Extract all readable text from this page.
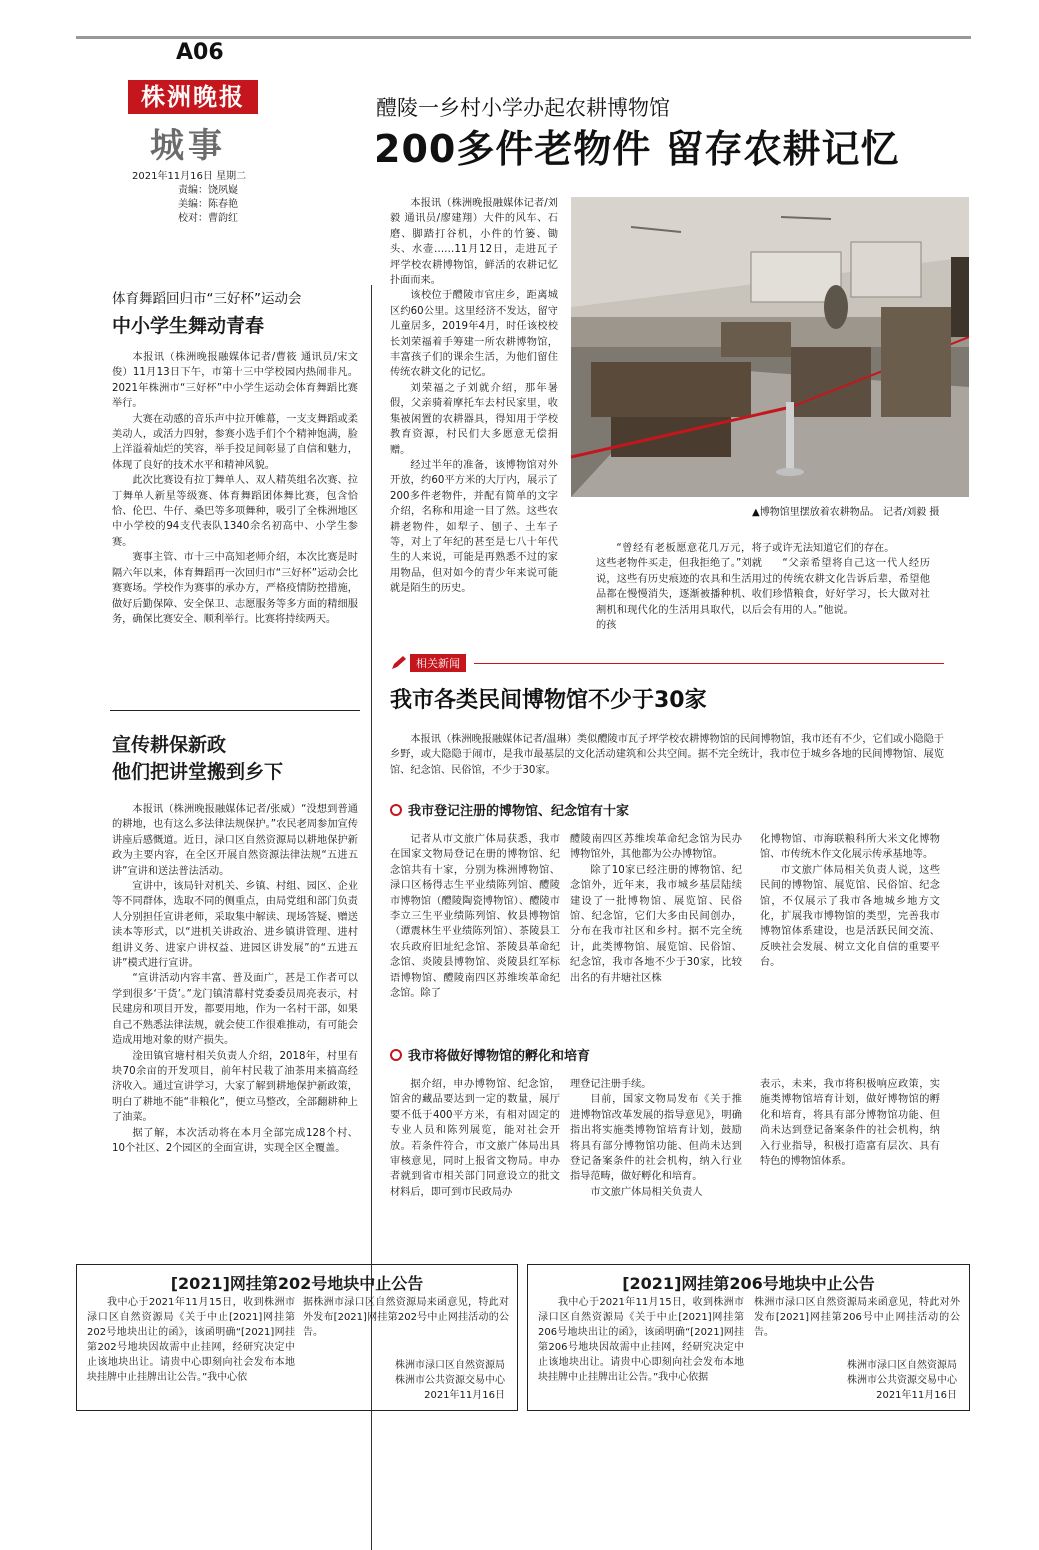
A06
株洲晚报
城事
2021年11月16日 星期二
责编：饶夙嶷
美编：陈春艳
校对：曹韵红
醴陵一乡村小学办起农耕博物馆
200多件老物件 留存农耕记忆

本报讯（株洲晚报融媒体记者/刘毅 通讯员/廖建翔）大件的风车、石磨、脚踏打谷机，小件的竹篓、锄头、水壶……11月12日，走进瓦子坪学校农耕博物馆，鲜活的农耕记忆扑面而来。

该校位于醴陵市官庄乡，距离城区约60公里。这里经济不发达，留守儿童居多，2019年4月，时任该校校长刘荣福着手筹建一所农耕博物馆，丰富孩子们的课余生活，为他们留住传统农耕文化的记忆。

刘荣福之子刘就介绍，那年暑假，父亲骑着摩托车去村民家里，收集被闲置的农耕器具，得知用于学校教育资源，村民们大多愿意无偿捐赠。

经过半年的准备，该博物馆对外开放，约60平方米的大厅内，展示了200多件老物件，并配有简单的文字介绍，名称和用途一目了然。这些农耕老物件，如犁子、刨子、土车子等，对上了年纪的甚至是七八十年代生的人来说，可能是再熟悉不过的家用物品，但对如今的青少年来说可能就是陌生的历史。

▲博物馆里摆放着农耕物品。 记者/刘毅 摄

“曾经有老板愿意花几万元，将这些老物件买走，但我拒绝了。”刘就说，这些有历史痕迹的农具和生活用品都在慢慢消失，逐渐被播种机、收割机和现代化的生活用具取代，以后的孩

子或许无法知道它们的存在。

“父亲希望将自己这一代人经历过的传统农耕文化告诉后辈，希望他们珍惜粮食，好好学习，长大做对社会有用的人。”他说。

体育舞蹈回归市“三好杯”运动会
中小学生舞动青春

本报讯（株洲晚报融媒体记者/曹筱 通讯员/宋文俊）11月13日下午，市第十三中学校园内热闹非凡。2021年株洲市“三好杯”中小学生运动会体育舞蹈比赛举行。

大赛在动感的音乐声中拉开帷幕，一支支舞蹈或柔美动人，或活力四射，参赛小选手们个个精神饱满，脸上洋溢着灿烂的笑容，举手投足间彰显了自信和魅力，体现了良好的技术水平和精神风貌。

此次比赛设有拉丁舞单人、双人精英组名次赛、拉丁舞单人新星等级赛、体育舞蹈团体舞比赛，包含恰恰、伦巴、牛仔、桑巴等多项舞种，吸引了全株洲地区中小学校的94支代表队1340余名初高中、小学生参赛。

赛事主管、市十三中高知老师介绍，本次比赛是时隔六年以来，体育舞蹈再一次回归市“三好杯”运动会比赛赛场。学校作为赛事的承办方，严格疫情防控措施，做好后勤保障、安全保卫、志愿服务等多方面的精细服务，确保比赛安全、顺利举行。比赛将持续两天。

宣传耕保新政
他们把讲堂搬到乡下

本报讯（株洲晚报融媒体记者/张威）“没想到普通的耕地，也有这么多法律法规保护。”农民老周参加宣传讲座后感慨道。近日，渌口区自然资源局以耕地保护新政为主要内容，在全区开展自然资源法律法规“五进五讲”宣讲和送法普法活动。

宣讲中，该局针对机关、乡镇、村组、园区、企业等不同群体，选取不同的侧重点，由局党组和部门负责人分别担任宣讲老师，采取集中解读、现场答疑、赠送读本等形式，以“进机关讲政治、进乡镇讲管理、进村组讲义务、进家户讲权益、进园区讲发展”的“五进五讲”模式进行宣讲。

“宣讲活动内容丰富、普及面广，甚是工作者可以学到很多‘干货’。”龙门镇清幕村党委委员周亮表示，村民建房和项目开发，都要用地，作为一名村干部，如果自己不熟悉法律法规，就会使工作很难推动，有可能会造成用地对象的财产损失。

淦田镇官塘村相关负责人介绍，2018年，村里有块70余亩的开发项目，前年村民栽了油茶用来搞高经济收入。通过宣讲学习，大家了解到耕地保护新政策，明白了耕地不能“非粮化”，便立马整改，全部翻耕种上了油菜。

据了解，本次活动将在本月全部完成128个村、10个社区、2个园区的全面宣讲，实现全区全覆盖。

相关新闻
我市各类民间博物馆不少于30家

本报讯（株洲晚报融媒体记者/温琳）类似醴陵市瓦子坪学校农耕博物馆的民间博物馆，我市还有不少，它们或小隐隐于乡野，或大隐隐于闹市，是我市最基层的文化活动建筑和公共空间。据不完全统计，我市位于城乡各地的民间博物馆、展览馆、纪念馆、民俗馆，不少于30家。

我市登记注册的博物馆、纪念馆有十家

记者从市文旅广体局获悉，我市在国家文物局登记在册的博物馆、纪念馆共有十家，分别为株洲博物馆、渌口区杨得志生平业绩陈列馆、醴陵市博物馆（醴陵陶瓷博物馆）、醴陵市李立三生平业绩陈列馆、攸县博物馆（谭震林生平业绩陈列馆）、茶陵县工农兵政府旧址纪念馆、茶陵县革命纪念馆、炎陵县博物馆、炎陵县红军标语博物馆、醴陵南四区苏维埃革命纪念馆。除了

醴陵南四区苏维埃革命纪念馆为民办博物馆外，其他都为公办博物馆。

除了10家已经注册的博物馆、纪念馆外，近年来，我市城乡基层陆续建设了一批博物馆、展览馆、民俗馆、纪念馆，它们大多由民间创办，分布在我市社区和乡村。据不完全统计，此类博物馆、展览馆、民俗馆、纪念馆，我市各地不少于30家，比较出名的有井塘社区株

化博物馆、市海联粮科所大米文化博物馆、市传统木作文化展示传承基地等。

市文旅广体局相关负责人说，这些民间的博物馆、展览馆、民俗馆、纪念馆，不仅展示了我市各地城乡地方文化，扩展我市博物馆的类型，完善我市博物馆体系建设，也是活跃民间交流、反映社会发展、树立文化自信的重要平台。

我市将做好博物馆的孵化和培育

据介绍，申办博物馆、纪念馆，馆舍的藏品要达到一定的数量，展厅要不低于400平方米，有相对固定的专业人员和陈列展览，能对社会开放。若条件符合，市文旅广体局出具审核意见，同时上报省文物局。申办者就到省市相关部门同意设立的批文材料后，即可到市民政局办

理登记注册手续。

目前，国家文物局发布《关于推进博物馆改革发展的指导意见》，明确指出将实施类博物馆培育计划，鼓励将具有部分博物馆功能、但尚未达到登记备案条件的社会机构，纳入行业指导范畴，做好孵化和培育。

市文旅广体局相关负责人

表示，未来，我市将积极响应政策，实施类博物馆培育计划，做好博物馆的孵化和培育，将具有部分博物馆功能、但尚未达到登记备案条件的社会机构，纳入行业指导，积极打造富有层次、具有特色的博物馆体系。

[2021]网挂第202号地块中止公告

我中心于2021年11月15日，收到株洲市渌口区自然资源局《关于中止[2021]网挂第202号地块出让的函》，该函明确“[2021]网挂第202号地块因故需中止挂网，经研究决定中止该地块出让。请贵中心即刻向社会发布本地块挂牌中止挂牌出让公告。”我中心依

据株洲市渌口区自然资源局来函意见，特此对外发布[2021]网挂第202号中止网挂活动的公告。

株洲市渌口区自然资源局
株洲市公共资源交易中心
2021年11月16日
[2021]网挂第206号地块中止公告

我中心于2021年11月15日，收到株洲市渌口区自然资源局《关于中止[2021]网挂第206号地块出让的函》，该函明确“[2021]网挂第206号地块因故需中止挂网，经研究决定中止该地块出让。请贵中心即刻向社会发布本地块挂牌中止挂牌出让公告。”我中心依据

株洲市渌口区自然资源局来函意见，特此对外发布[2021]网挂第206号中止网挂活动的公告。

株洲市渌口区自然资源局
株洲市公共资源交易中心
2021年11月16日
